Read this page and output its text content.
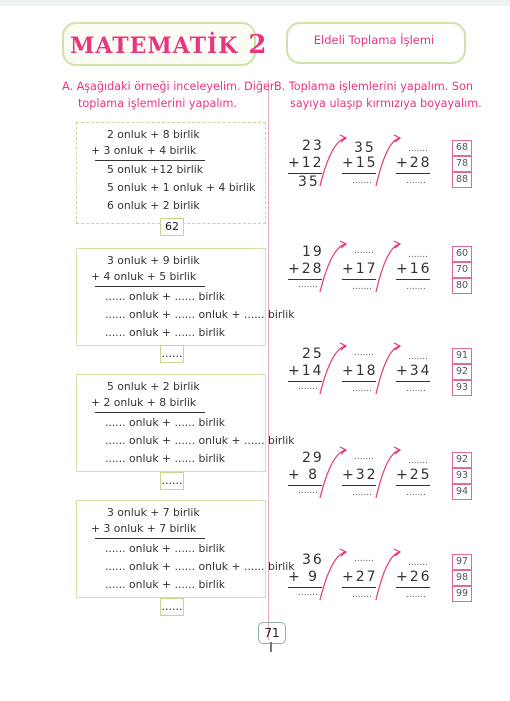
MATEMATİK 2	Eldeli Toplama İşlemi
A. Aşağıdaki örneği inceleyelim. Diğer
toplama işlemlerini yapalım.
B. Toplama işlemlerini yapalım. Son
sayıya ulaşıp kırmızıya boyayalım.
2 onluk + 8 birlik
+ 3 onluk + 4 birlik
5 onluk +12 birlik
5 onluk + 1 onluk + 4 birlik
6 onluk + 2 birlik
62
3 onluk + 9 birlik
+ 4 onluk + 5 birlik
...... onluk + ...... birlik
...... onluk + ...... onluk + ...... birlik
...... onluk + ...... birlik
......
5 onluk + 2 birlik
+ 2 onluk + 8 birlik
...... onluk + ...... birlik
...... onluk + ...... onluk + ...... birlik
...... onluk + ...... birlik
......
3 onluk + 7 birlik
+ 3 onluk + 7 birlik
...... onluk + ...... birlik
...... onluk + ...... onluk + ...... birlik
...... onluk + ...... birlik
......
23
+12
35
35
+15
.......
.......
+28
.......
68
78
88
19
+28
.......
.......
+17
.......
.......
+16
.......
60
70
80
25
+14
.......
.......
+18
.......
.......
+34
.......
91
92
93
29
+ 8
.......
.......
+32
.......
.......
+25
.......
92
93
94
36
+ 9
.......
.......
+27
.......
.......
+26
.......
97
98
99
71
